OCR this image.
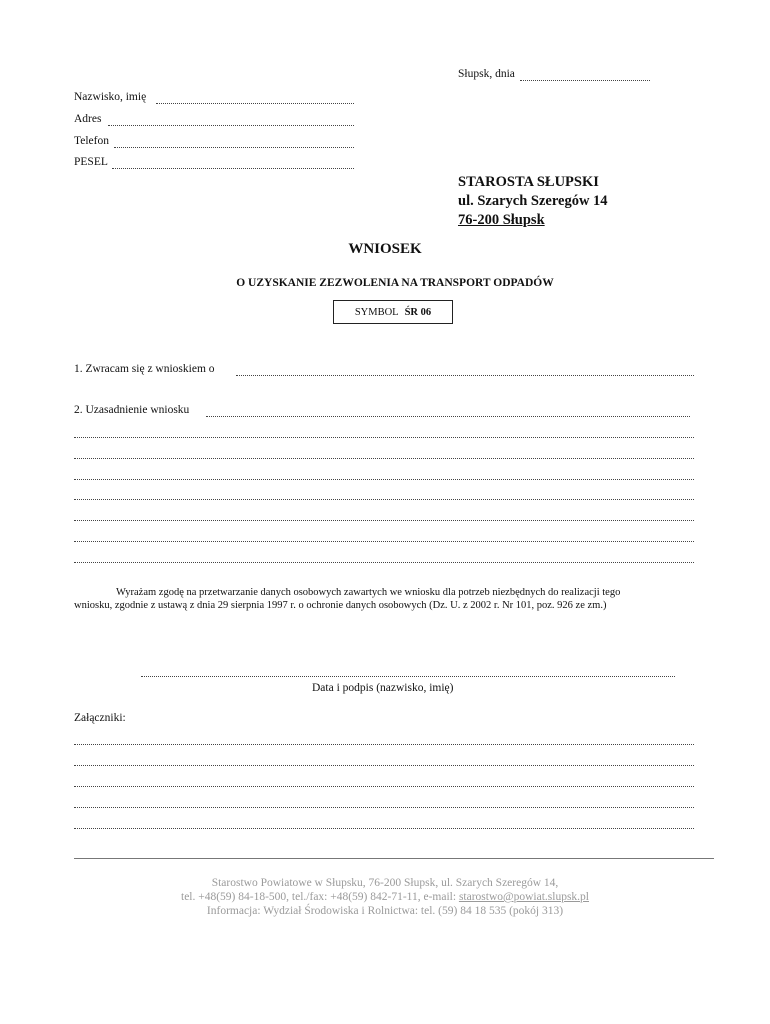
Słupsk, dnia
Nazwisko, imię
Adres
Telefon
PESEL
STAROSTA SŁUPSKI
ul. Szarych Szeregów 14
76-200 Słupsk
WNIOSEK
O UZYSKANIE ZEZWOLENIA NA TRANSPORT ODPADÓW
SYMBOL ŚR 06
1. Zwracam się z wnioskiem o
2. Uzasadnienie wniosku
Wyrażam zgodę na przetwarzanie danych osobowych zawartych we wniosku dla potrzeb niezbędnych do realizacji tego
wniosku, zgodnie z ustawą z dnia 29 sierpnia 1997 r. o ochronie danych osobowych (Dz. U. z 2002 r. Nr 101, poz. 926 ze zm.)
Data i podpis (nazwisko, imię)
Załączniki:
Starostwo Powiatowe w Słupsku, 76-200 Słupsk, ul. Szarych Szeregów 14,
tel. +48(59) 84-18-500, tel./fax: +48(59) 842-71-11, e-mail: starostwo@powiat.slupsk.pl
Informacja: Wydział Środowiska i Rolnictwa: tel. (59) 84 18 535 (pokój 313)
